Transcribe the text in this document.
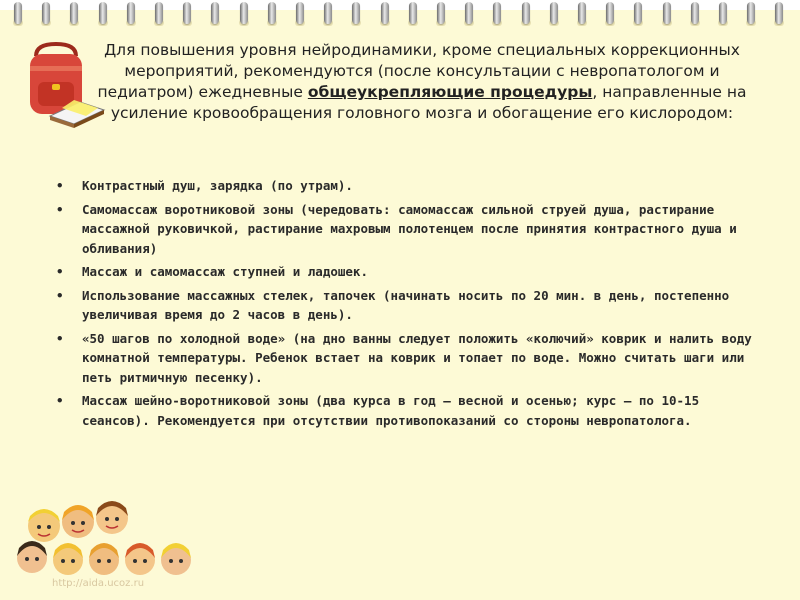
Для повышения уровня нейродинамики, кроме специальных коррекционных мероприятий, рекомендуются (после консультации с невропатологом и педиатром) ежедневные общеукрепляющие процедуры, направленные на усиление кровообращения головного мозга и обогащение его кислородом:

• Контрастный душ, зарядка (по утрам).
• Самомассаж воротниковой зоны (чередовать: самомассаж сильной струей душа, растирание массажной руковичкой, растирание махровым полотенцем после принятия контрастного душа и обливания)
• Массаж и самомассаж ступней и ладошек.
• Использование массажных стелек, тапочек (начинать носить по 20 мин. в день, постепенно увеличивая время до 2 часов в день).
• «50 шагов по холодной воде» (на дно ванны следует положить «колючий» коврик и налить воду комнатной температуры. Ребенок встает на коврик и топает по воде. Можно считать шаги или петь ритмичную песенку).
• Массаж шейно-воротниковой зоны (два курса в год – весной и осенью; курс – по 10-15 сеансов). Рекомендуется при отсутствии противопоказаний со стороны невропатолога.
http://aida.ucoz.ru
